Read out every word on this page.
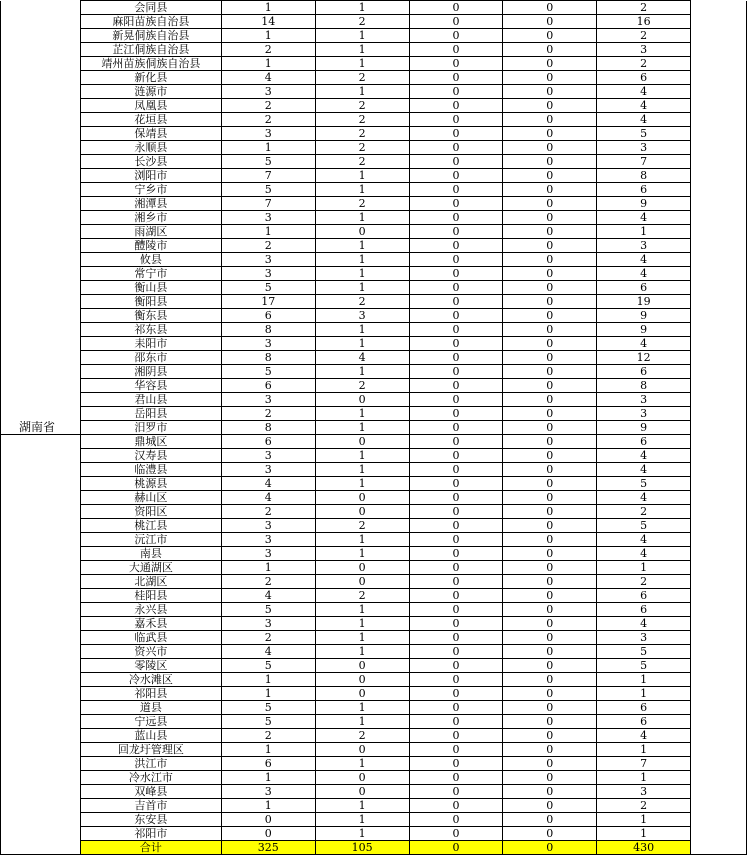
	会同县	1	1	0	0	2	
	麻阳苗族自治县	14	2	0	0	16	
	新晃侗族自治县	1	1	0	0	2	
	芷江侗族自治县	2	1	0	0	3	
	靖州苗族侗族自治县	1	1	0	0	2	
	新化县	4	2	0	0	6	
	涟源市	3	1	0	0	4	
	凤凰县	2	2	0	0	4	
	花垣县	2	2	0	0	4	
	保靖县	3	2	0	0	5	
	永顺县	1	2	0	0	3	
	长沙县	5	2	0	0	7	
	浏阳市	7	1	0	0	8	
	宁乡市	5	1	0	0	6	
	湘潭县	7	2	0	0	9	
	湘乡市	3	1	0	0	4	
	雨湖区	1	0	0	0	1	
	醴陵市	2	1	0	0	3	
	攸县	3	1	0	0	4	
	常宁市	3	1	0	0	4	
	衡山县	5	1	0	0	6	
	衡阳县	17	2	0	0	19	
	衡东县	6	3	0	0	9	
	祁东县	8	1	0	0	9	
	耒阳市	3	1	0	0	4	
	邵东市	8	4	0	0	12	
	湘阴县	5	1	0	0	6	
	华容县	6	2	0	0	8	
	君山县	3	0	0	0	3	
	岳阳县	2	1	0	0	3	
湖南省	汨罗市	8	1	0	0	9	
	鼎城区	6	0	0	0	6	
	汉寿县	3	1	0	0	4	
	临澧县	3	1	0	0	4	
	桃源县	4	1	0	0	5	
	赫山区	4	0	0	0	4	
	资阳区	2	0	0	0	2	
	桃江县	3	2	0	0	5	
	沅江市	3	1	0	0	4	
	南县	3	1	0	0	4	
	大通湖区	1	0	0	0	1	
	北湖区	2	0	0	0	2	
	桂阳县	4	2	0	0	6	
	永兴县	5	1	0	0	6	
	嘉禾县	3	1	0	0	4	
	临武县	2	1	0	0	3	
	资兴市	4	1	0	0	5	
	零陵区	5	0	0	0	5	
	冷水滩区	1	0	0	0	1	
	祁阳县	1	0	0	0	1	
	道县	5	1	0	0	6	
	宁远县	5	1	0	0	6	
	蓝山县	2	2	0	0	4	
	回龙圩管理区	1	0	0	0	1	
	洪江市	6	1	0	0	7	
	冷水江市	1	0	0	0	1	
	双峰县	3	0	0	0	3	
	吉首市	1	1	0	0	2	
	东安县	0	1	0	0	1	
	祁阳市	0	1	0	0	1	
	合计	325	105	0	0	430	
